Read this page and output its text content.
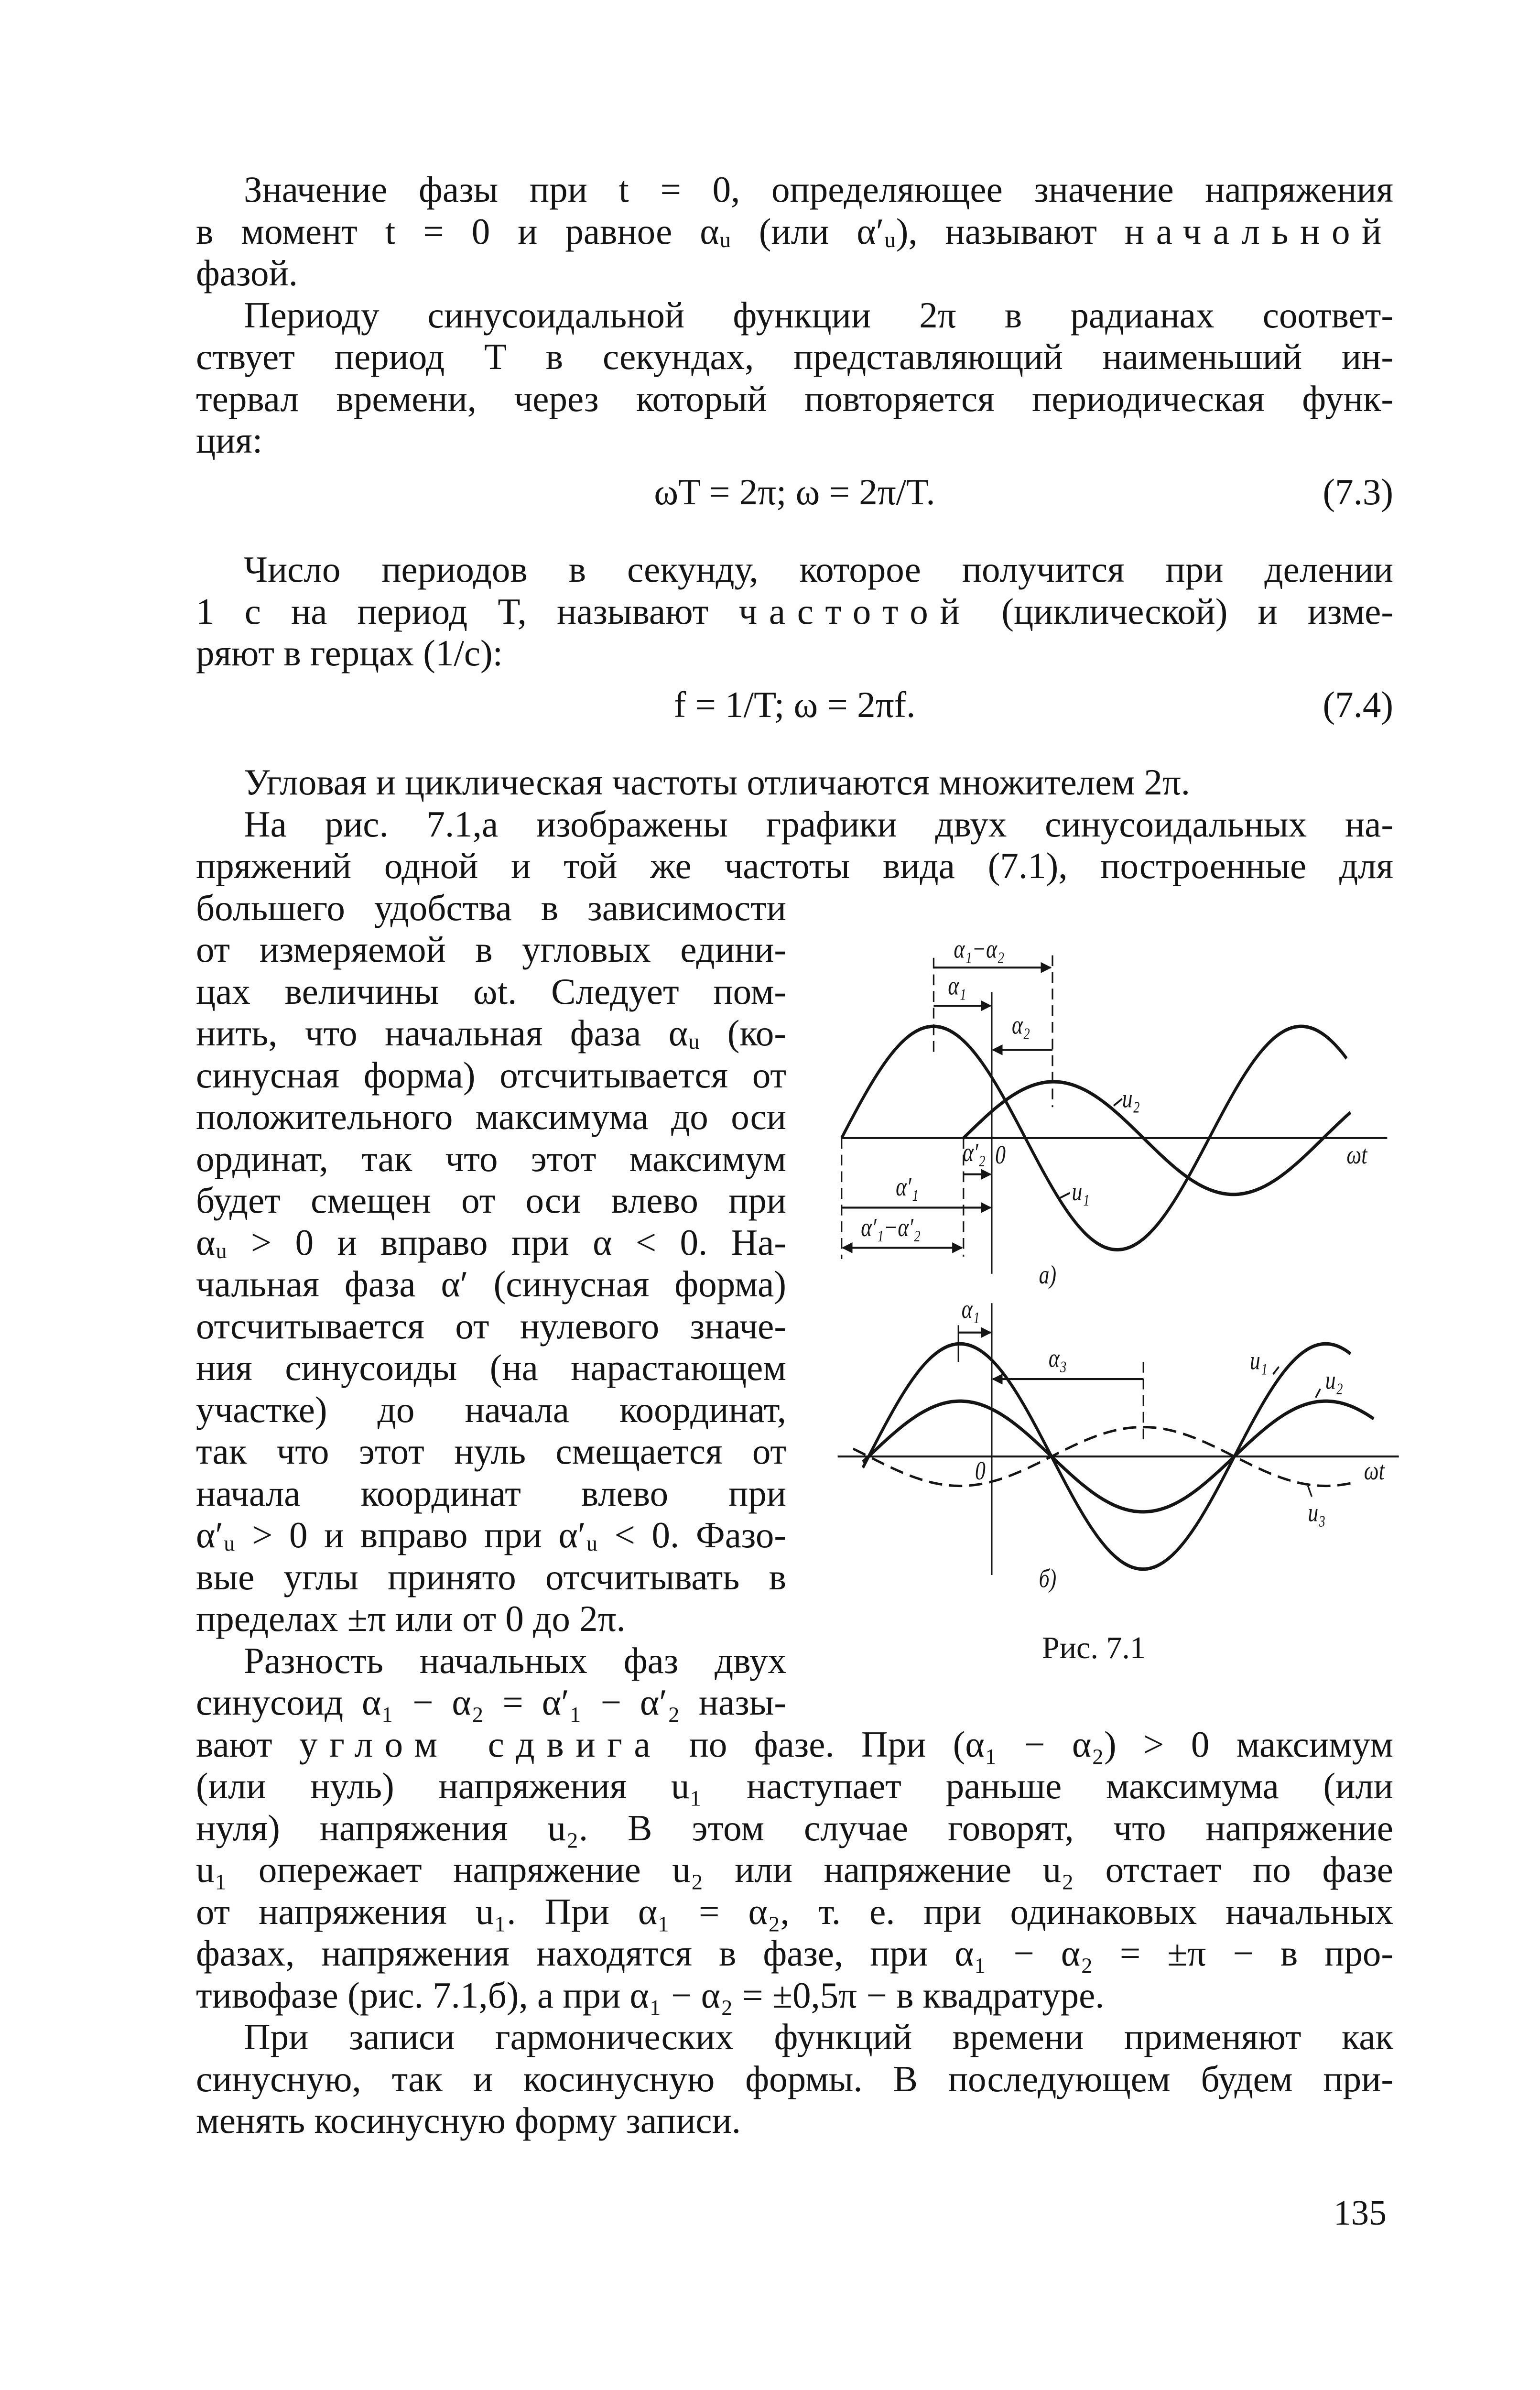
Значение фазы при t = 0, определяющее значение напряжения
в момент t = 0 и равное αᵤ (или α′ᵤ), называют начальной
фазой.
Периоду синусоидальной функции 2π в радианах соответ-
ствует период T в секундах, представляющий наименьший ин-
тервал времени, через который повторяется периодическая функ-
ция:
Число периодов в секунду, которое получится при делении
1 с на период T, называют частотой (циклической) и изме-
ряют в герцах (1/с):
Угловая и циклическая частоты отличаются множителем 2π.
На рис. 7.1,а изображены графики двух синусоидальных на-
пряжений одной и той же частоты вида (7.1), построенные для
большего удобства в зависимости
от измеряемой в угловых едини-
цах величины ωt. Следует пом-
нить, что начальная фаза αᵤ (ко-
синусная форма) отсчитывается от
положительного максимума до оси
ординат, так что этот максимум
будет смещен от оси влево при
αᵤ > 0 и вправо при α < 0. На-
чальная фаза α′ (синусная форма)
отсчитывается от нулевого значе-
ния синусоиды (на нарастающем
участке) до начала координат,
так что этот нуль смещается от
начала координат влево при
α′ᵤ > 0 и вправо при α′ᵤ < 0. Фазо-
вые углы принято отсчитывать в
пределах ±π или от 0 до 2π.
Разность начальных фаз двух
синусоид α₁ − α₂ = α′₁ − α′₂ назы-
вают углом сдвига по фазе. При (α₁ − α₂) > 0 максимум
(или нуль) напряжения u₁ наступает раньше максимума (или
нуля) напряжения u₂. В этом случае говорят, что напряжение
u₁ опережает напряжение u₂ или напряжение u₂ отстает по фазе
от напряжения u₁. При α₁ = α₂, т. е. при одинаковых начальных
фазах, напряжения находятся в фазе, при α₁ − α₂ = ±π − в про-
тивофазе (рис. 7.1,б), а при α₁ − α₂ = ±0,5π − в квадратуре.
При записи гармонических функций времени применяют как
синусную, так и косинусную формы. В последующем будем при-
менять косинусную форму записи.
ωT = 2π; ω = 2π/T.	(7.3)
f = 1/T; ω = 2πf.	(7.4)
α₁−α₂
α₁
α₂
α′₂
α′₁
α′₁−α′₂
0	ωt
u₂
u₁
а)
α₁
α₃
0	ωt
u₁
u₂
u₃
б)
Рис. 7.1
135
